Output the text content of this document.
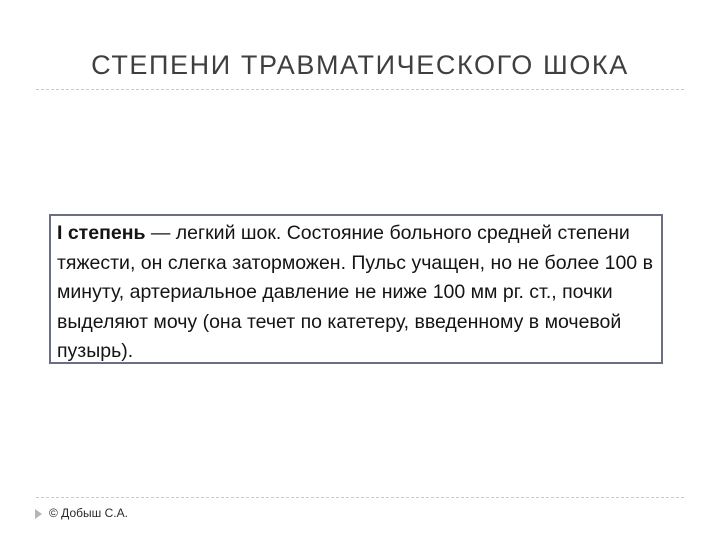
СТЕПЕНИ ТРАВМАТИЧЕСКОГО ШОКА
I степень — легкий шок. Состояние больного средней степени тяжести, он слегка заторможен. Пульс учащен, но не более 100 в минуту, артериальное давление не ниже 100 мм рг. ст., почки выделяют мочу (она течет по катетеру, введенному в мочевой пузырь).
© Добыш С.А.
